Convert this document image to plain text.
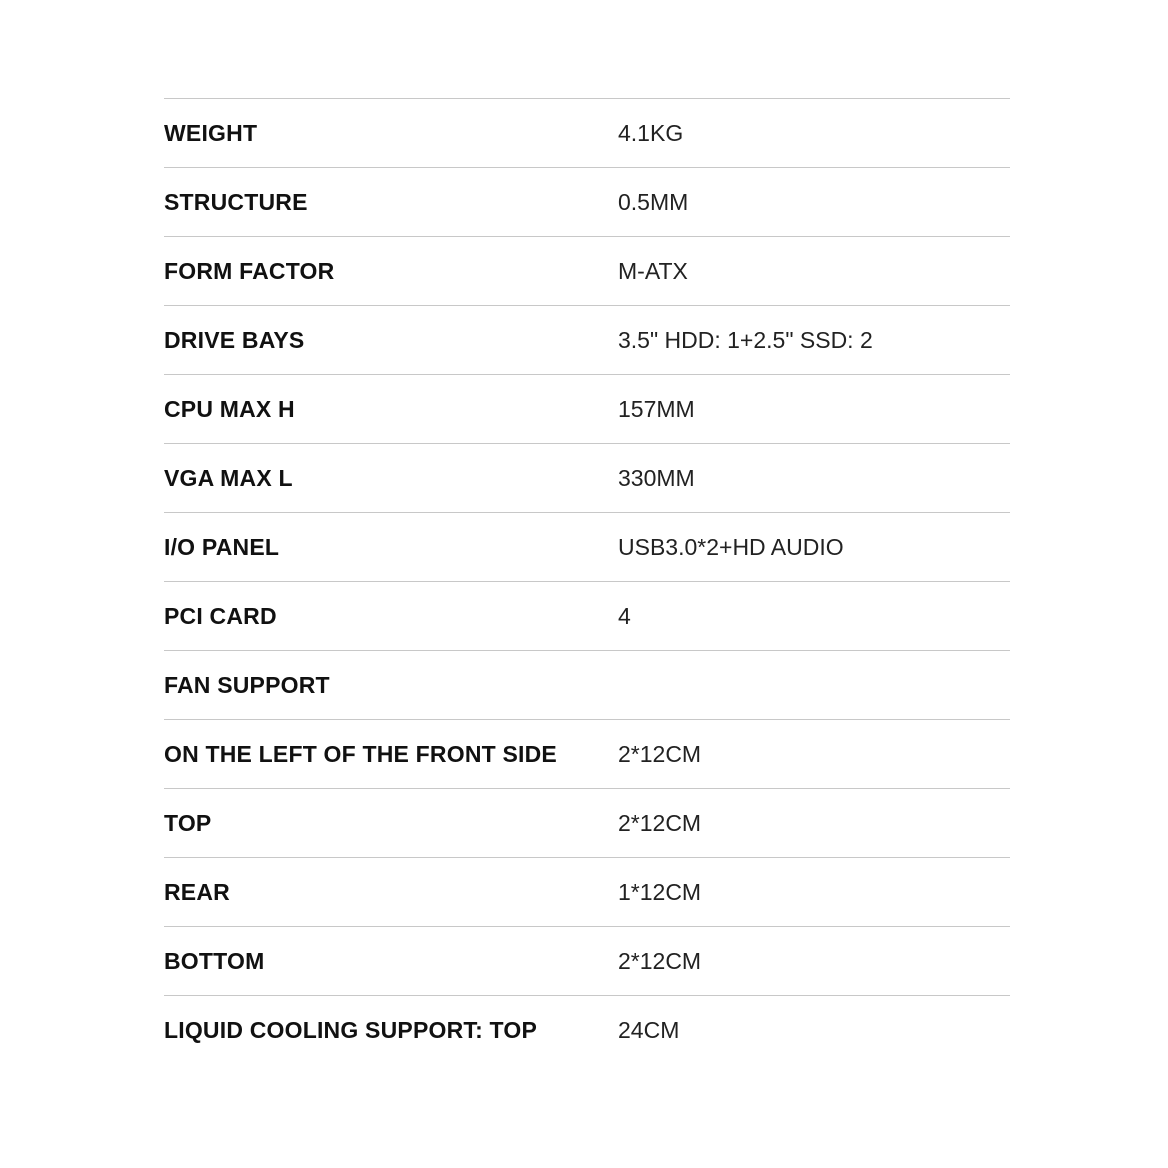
WEIGHT	4.1KG
STRUCTURE	0.5MM
FORM FACTOR	M-ATX
DRIVE BAYS	3.5" HDD: 1+2.5" SSD: 2
CPU MAX H	157MM
VGA MAX L	330MM
I/O PANEL	USB3.0*2+HD AUDIO
PCI CARD	4
FAN SUPPORT
ON THE LEFT OF THE FRONT SIDE	2*12CM
TOP	2*12CM
REAR	1*12CM
BOTTOM	2*12CM
LIQUID COOLING SUPPORT: TOP	24CM
